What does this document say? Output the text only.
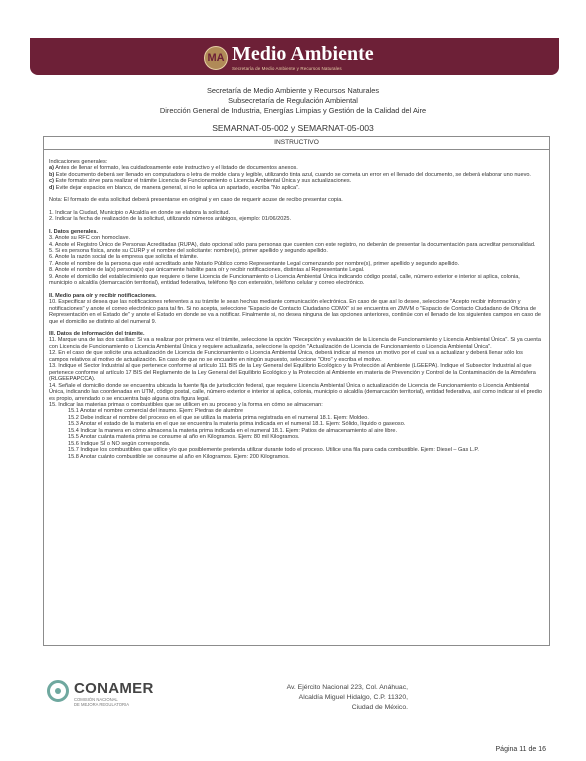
MA Medio Ambiente
Secretaría de Medio Ambiente y Recursos Naturales
Secretaría de Medio Ambiente y Recursos Naturales
Subsecretaría de Regulación Ambiental
Dirección General de Industria, Energías Limpias y Gestión de la Calidad del Aire
SEMARNAT-05-002 y SEMARNAT-05-003
INSTRUCTIVO
Indicaciones generales:
a) Antes de llenar el formato, lea cuidadosamente este instructivo y el listado de documentos anexos.
b) Este documento deberá ser llenado en computadora o letra de molde clara y legible, utilizando tinta azul, cuando se cometa un error en el llenado del documento, se deberá elaborar uno nuevo.
c) Este formato sirve para realizar el trámite Licencia de Funcionamiento o Licencia Ambiental Única y sus actualizaciones.
d) Evite dejar espacios en blanco, de manera general, si no le aplica un apartado, escriba "No aplica".
Nota: El formato de esta solicitud deberá presentarse en original y en caso de requerir acuse de recibo presentar copia.
1. Indicar la Ciudad, Municipio o Alcaldía en donde se elabora la solicitud.
2. Indicar la fecha de realización de la solicitud, utilizando números arábigos, ejemplo: 01/06/2025.
I. Datos generales.
3. Anote su RFC con homoclave.
4. Anote el Registro Único de Personas Acreditadas (RUPA), dato opcional sólo para personas que cuenten con este registro, no deberán de presentar la documentación para acreditar personalidad.
5. Si es persona física, anote su CURP y el nombre del solicitante: nombre(s), primer apellido y segundo apellido.
6. Anote la razón social de la empresa que solicita el trámite.
7. Anote el nombre de la persona que esté acreditado ante Notario Público como Representante Legal comenzando por nombre(s), primer apellido y segundo apellido.
8. Anote el nombre de la(s) persona(s) que únicamente habilite para oír y recibir notificaciones, distintas al Representante Legal.
9. Anote el domicilio del establecimiento que requiere o tiene Licencia de Funcionamiento o Licencia Ambiental Única indicando código postal, calle, número exterior e interior si aplica, colonia, municipio o alcaldía (demarcación territorial), entidad federativa, teléfono fijo con extensión, teléfono celular y correo electrónico.
II. Medio para oír y recibir notificaciones.
10. Especificar si desea que las notificaciones referentes a su trámite le sean hechas mediante comunicación electrónica. En caso de que así lo desee, seleccione "Acepto recibir información y notificaciones" y anote el correo electrónico para tal fin. Si no acepta, seleccione "Espacio de Contacto Ciudadano CDMX" si se encuentra en ZMVM o "Espacio de Contacto Ciudadano de Oficina de Representación en el Estado de" y anote el Estado en donde se va a notificar. Finalmente si, no desea ninguna de las opciones anteriores, continúe con el llenado de los siguientes campos en caso de que el domicilio se distinto al del numeral 9.
III. Datos de información del trámite.
11. Marque una de las dos casillas: Si va a realizar por primera vez el trámite, seleccione la opción "Recepción y evaluación de la Licencia de Funcionamiento y Licencia Ambiental Única". Si ya cuenta con Licencia de Funcionamiento o Licencia Ambiental Única y requiere actualizarla, seleccione la opción "Actualización de Licencia de Funcionamiento o Licencia Ambiental Única".
12. En el caso de que solicite una actualización de Licencia de Funcionamiento o Licencia Ambiental Única, deberá indicar al menos un motivo por el cual va a actualizar y deberá llenar sólo los campos relativos al motivo de actualización. En caso de que no se encuadre en ningún supuesto, seleccione "Otro" y escriba el motivo.
13. Indique el Sector Industrial al que pertenece conforme al artículo 111 BIS de la Ley General del Equilibrio Ecológico y la Protección al Ambiente (LGEEPA). Indique el Subsector Industrial al que pertenece conforme al artículo 17 BIS del Reglamento de la Ley General del Equilibrio Ecológico y la Protección al Ambiente en materia de Prevención y Control de la Contaminación de la Atmósfera (RLGEEPAPCCA).
14. Señale el domicilio donde se encuentra ubicada la fuente fija de jurisdicción federal, que requiere Licencia Ambiental Única o actualización de Licencia de Funcionamiento o Licencia Ambiental Única, indicando las coordenadas en UTM, código postal, calle, número exterior e interior si aplica, colonia, municipio o alcaldía (demarcación territorial), entidad federativa, así como indicar si el predio es propio, arrendado o se encuentra bajo alguna otra figura legal.
15. Indicar las materias primas o combustibles que se utilicen en su proceso y la forma en cómo se almacenan:
15.1 Anotar el nombre comercial del insumo. Ejem: Piedras de alumbre
15.2 Debe indicar el nombre del proceso en el que se utiliza la materia prima registrada en el numeral 18.1. Ejem: Moldeo.
15.3 Anotar el estado de la materia en el que se encuentra la materia prima indicada en el numeral 18.1. Ejem: Sólido, líquido o gaseoso.
15.4 Indicar la manera en cómo almacena la materia prima indicada en el numeral 18.1. Ejem: Patios de almacenamiento al aire libre.
15.5 Anotar cuánta materia prima se consume al año en Kilogramos. Ejem: 80 mil Kilogramos.
15.6 Indique SÍ o NO según corresponda.
15.7 Indique los combustibles que utilice y/o que posiblemente pretenda utilizar durante todo el proceso. Utilice una fila para cada combustible. Ejem: Diesel – Gas L.P.
15.8 Anotar cuánto combustible se consume al año en Kilogramos. Ejem: 200 Kilogramos.
CONAMER
COMISIÓN NACIONAL
DE MEJORA REGULATORIA
Av. Ejército Nacional 223, Col. Anáhuac,
Alcaldía Miguel Hidalgo, C.P. 11320,
Ciudad de México.
Página 11 de 16
